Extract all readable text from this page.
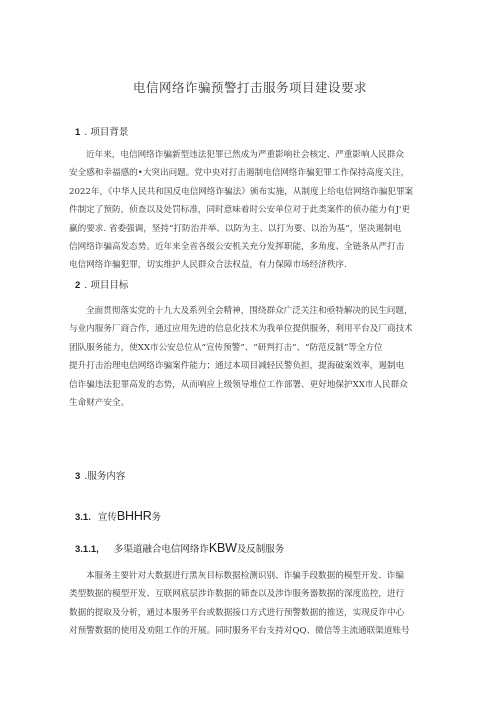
电信网络诈骗预警打击服务项目建设要求
1 . 项目背景
近年来，电信网络诈骗新型违法犯罪已然成为严重影响社会核定、严重影响人民群众
安全感和幸福感的•大突出问题。党中央对打击遏制电信网络诈骗犯罪工作保持高度关注，
2022年，《中华人民共和国反电信网络诈骗法》颁布实施，从制度上给电信网络诈骗犯罪案
件制定了预防，侦查以及处罚标准，同时意味着时公安单位对于此类案件的侦办能力有J'更
赢的要求. 省委强调，坚持“打防治并举、以防为主、以打为要、以治为基”，坚决遏制电
信网络诈骗高发态势。近年来全省各级公安机关充分发挥职能，多角度、全链条从严打击
电信网络诈骗犯罪，切实维护人民群众合法权益，有力保障市场经济秩序.
2 . 项目目标
全面贯彻落实党的十九大及系列全会精神，围绕群众广泛关注和亟特解决的民生问题，
与业内服务厂商合作，通过应用先进的信息化技术为我单位提供服务，利用平台及厂商技术
团队服务能力，使XX市公安总位从“宣传预警”、“研判打击”、“防范反制”等全方位
提升打击治理电信网络诈骗案件能力；通过本项目减轻民警负担，提海破案效率，遏制电
信诈骗违法犯罪高发的态势，从而响应上级领导堆位工作部署、更好地保护XX市人民群众
生命财产安全。
3 .服务内容
3.1. 宣传BHHR务
3.1.1, 多渠道融合电信网络诈KBW及反制服务
本服务主要针对大数据进行黑灰目标数据检测识别、诈骗手段数据的模型开发、诈编
类型数据的模型开发、互联网底层涉诈数据的筛查以及涉诈服务器数据的深度监控，进行
数据的提取及分析，通过本服务平台或数据接口方式进行预警数据的推送，实现反诈中心
对预警数据的使用及劝阻工作的开展。同时服务平台支持对QQ、微信等主流通联渠道账号
